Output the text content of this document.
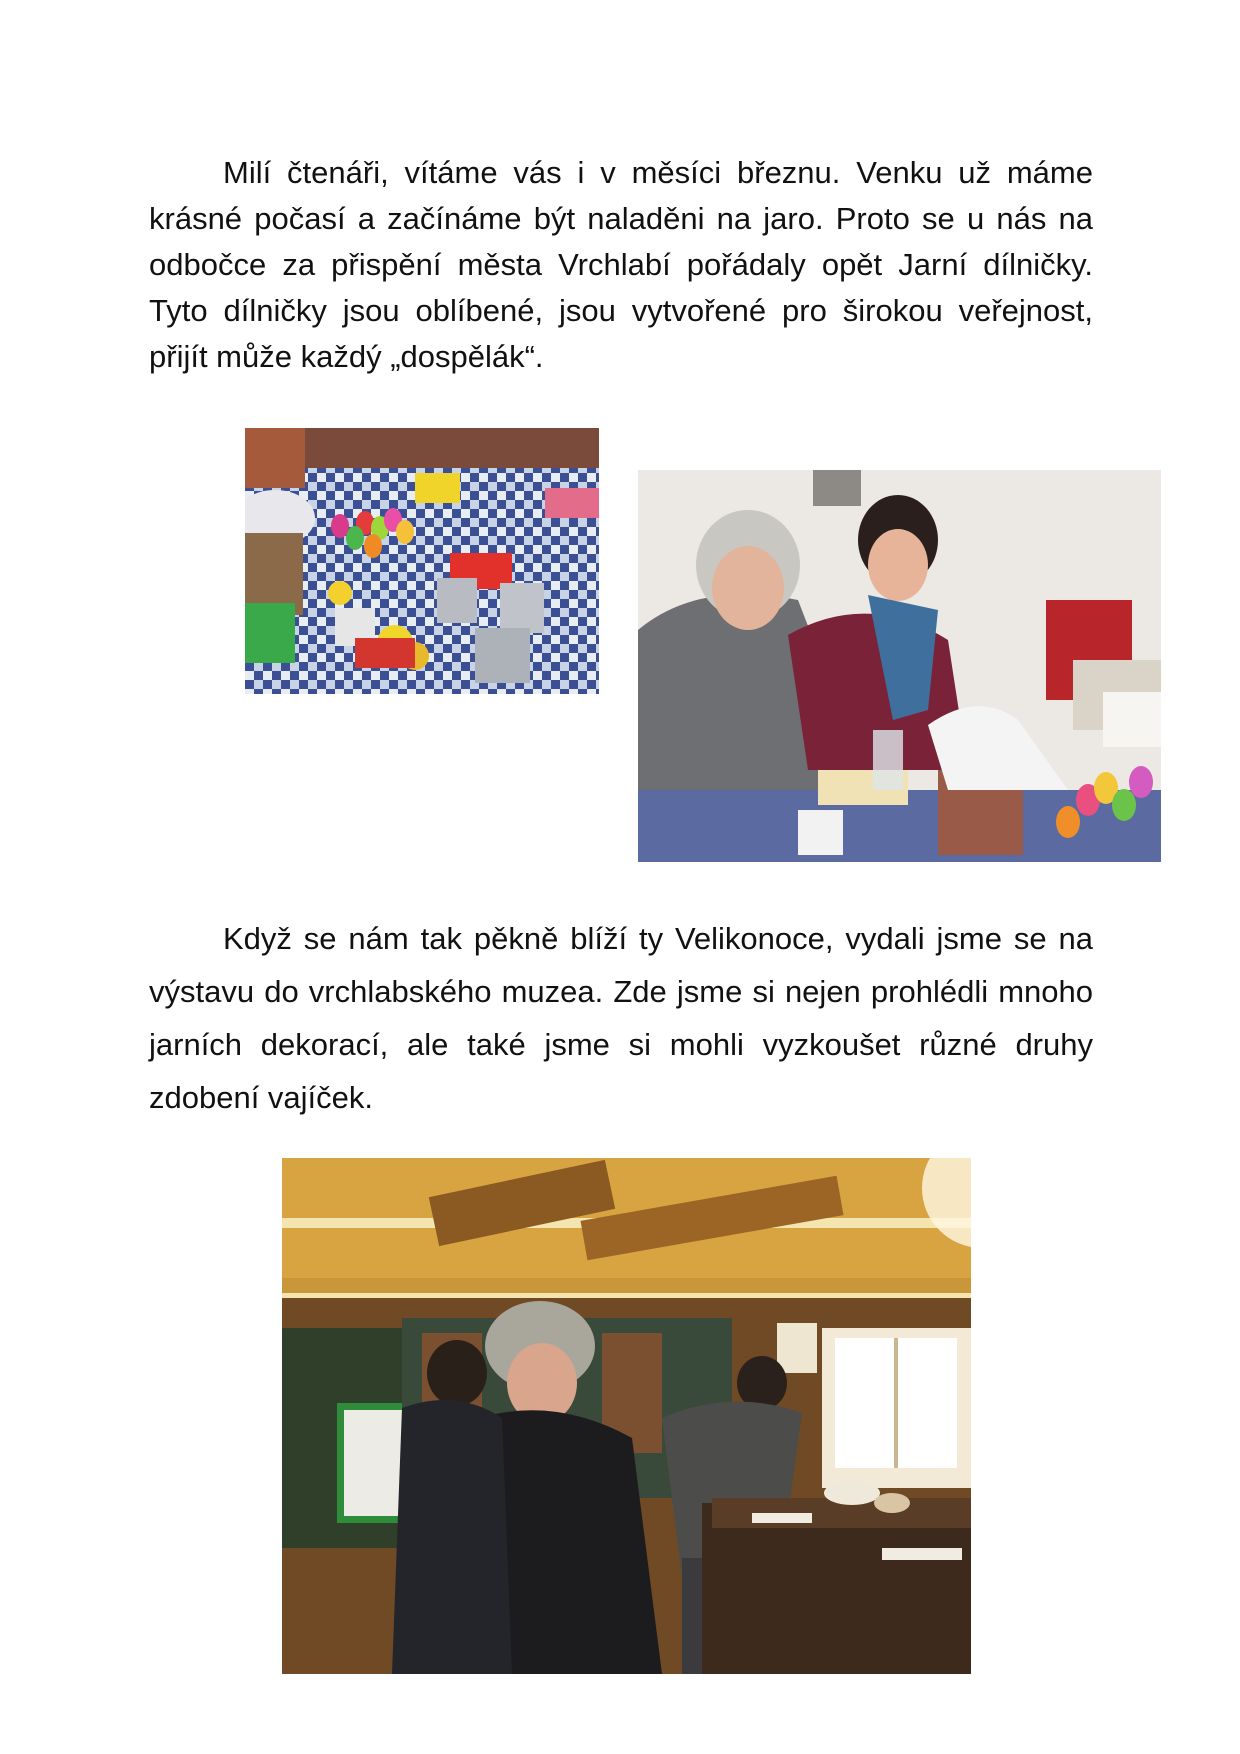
Milí čtenáři, vítáme vás i v měsíci březnu. Venku už máme krásné počasí a začínáme být naladěni na jaro. Proto se u nás na odbočce za přispění města Vrchlabí pořádaly opět Jarní dílničky. Tyto dílničky jsou oblíbené, jsou vytvořené pro širokou veřejnost, přijít může každý „dospělák“.

Když se nám tak pěkně blíží ty Velikonoce, vydali jsme se na výstavu do vrchlabského muzea. Zde jsme si nejen prohlédli mnoho jarních dekorací, ale také jsme si mohli vyzkoušet různé druhy zdobení vajíček.
